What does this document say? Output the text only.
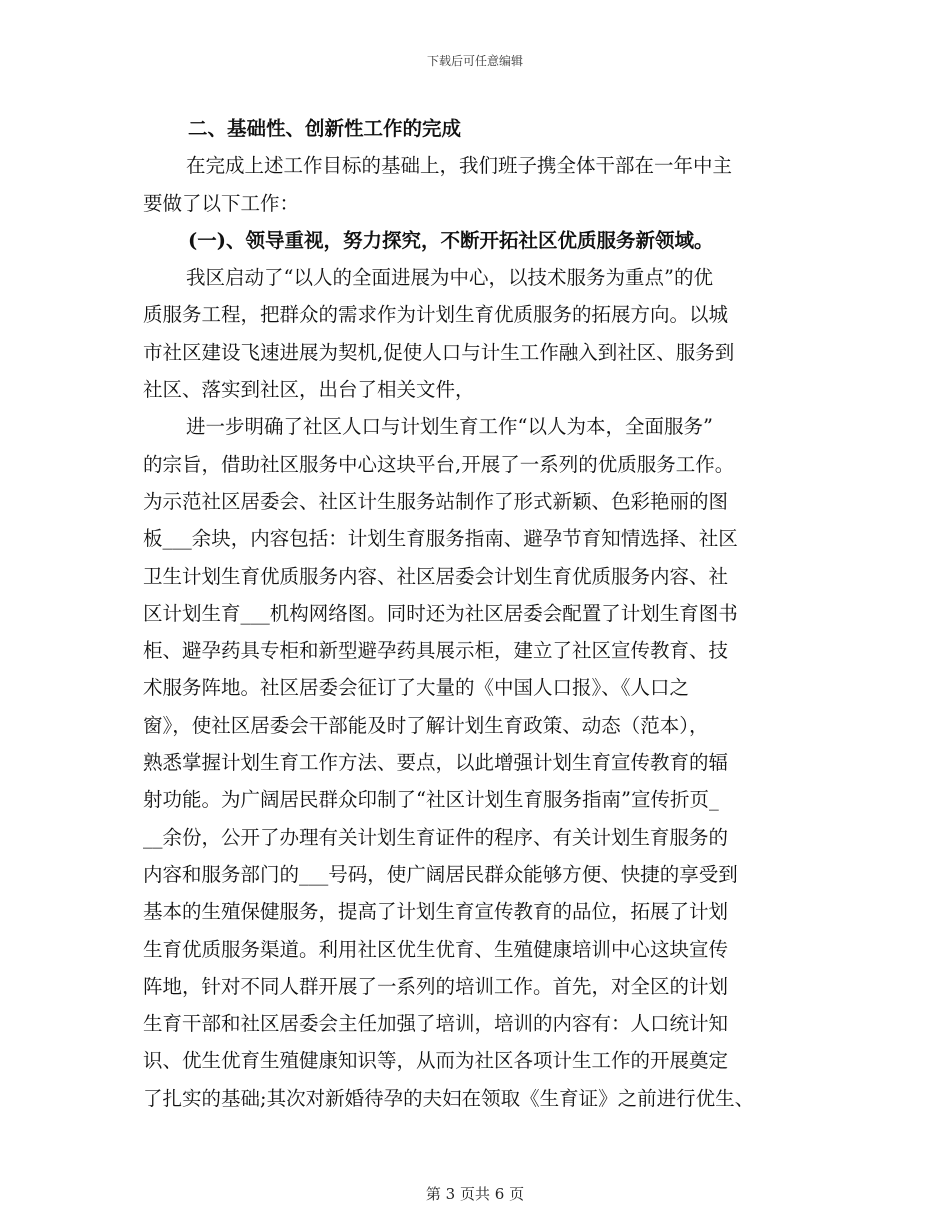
下载后可任意编辑
二、基础性、创新性工作的完成
在完成上述工作目标的基础上，我们班子携全体干部在一年中主
要做了以下工作：
(一)、领导重视，努力探究，不断开拓社区优质服务新领域。
我区启动了“以人的全面进展为中心，以技术服务为重点”的优
质服务工程，把群众的需求作为计划生育优质服务的拓展方向。以城
市社区建设飞速进展为契机,促使人口与计生工作融入到社区、服务到
社区、落实到社区，出台了相关文件，
进一步明确了社区人口与计划生育工作“以人为本，全面服务”
的宗旨，借助社区服务中心这块平台,开展了一系列的优质服务工作。
为示范社区居委会、社区计生服务站制作了形式新颖、色彩艳丽的图
板___余块，内容包括：计划生育服务指南、避孕节育知情选择、社区
卫生计划生育优质服务内容、社区居委会计划生育优质服务内容、社
区计划生育___机构网络图。同时还为社区居委会配置了计划生育图书
柜、避孕药具专柜和新型避孕药具展示柜，建立了社区宣传教育、技
术服务阵地。社区居委会征订了大量的《中国人口报》、《人口之
窗》，使社区居委会干部能及时了解计划生育政策、动态（范本），
熟悉掌握计划生育工作方法、要点，以此增强计划生育宣传教育的辐
射功能。为广阔居民群众印制了“社区计划生育服务指南”宣传折页_
__余份，公开了办理有关计划生育证件的程序、有关计划生育服务的
内容和服务部门的___号码，使广阔居民群众能够方便、快捷的享受到
基本的生殖保健服务，提高了计划生育宣传教育的品位，拓展了计划
生育优质服务渠道。利用社区优生优育、生殖健康培训中心这块宣传
阵地，针对不同人群开展了一系列的培训工作。首先，对全区的计划
生育干部和社区居委会主任加强了培训，培训的内容有：人口统计知
识、优生优育生殖健康知识等，从而为社区各项计生工作的开展奠定
了扎实的基础;其次对新婚待孕的夫妇在领取《生育证》之前进行优生、
第 3 页共 6 页
